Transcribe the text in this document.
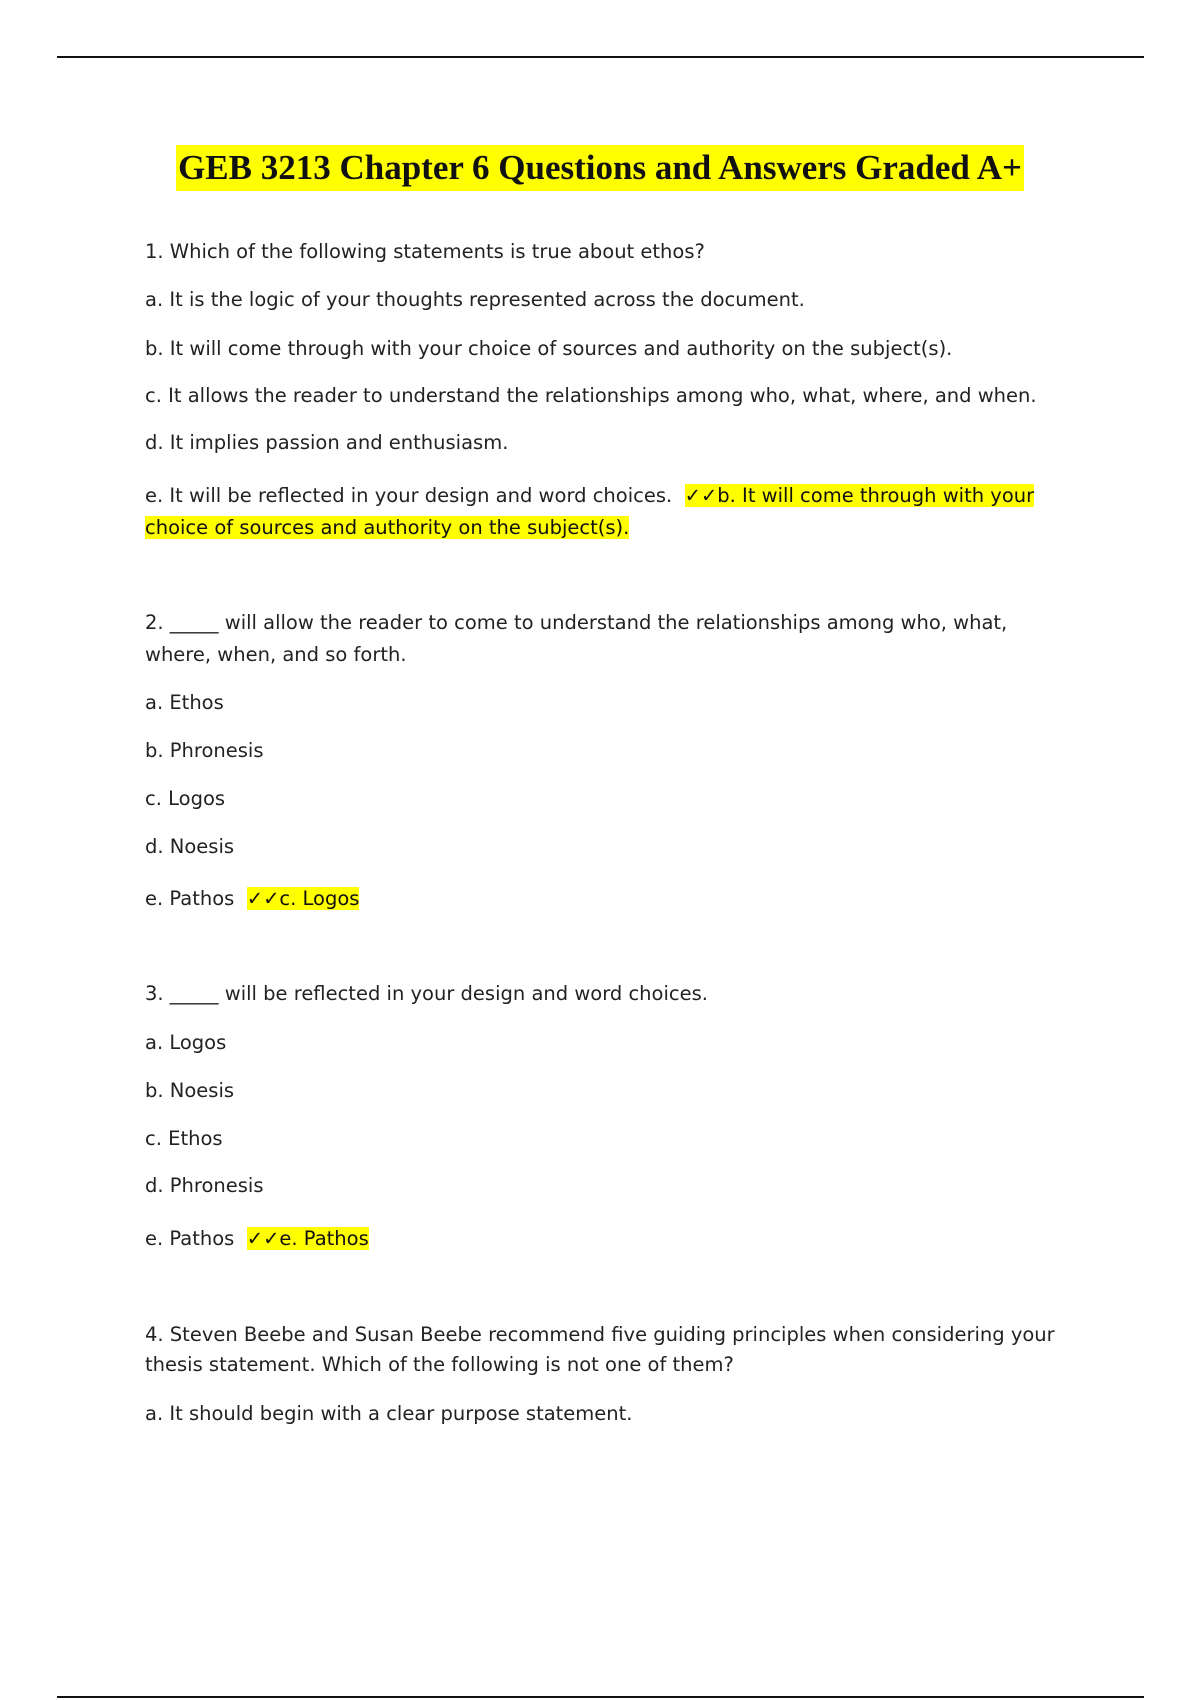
GEB 3213 Chapter 6 Questions and Answers Graded A+
1. Which of the following statements is true about ethos?
a. It is the logic of your thoughts represented across the document.
b. It will come through with your choice of sources and authority on the subject(s).
c. It allows the reader to understand the relationships among who, what, where, and when.
d. It implies passion and enthusiasm.
e. It will be reflected in your design and word choices. ✓✓b. It will come through with your
choice of sources and authority on the subject(s).
2. _____ will allow the reader to come to understand the relationships among who, what,
where, when, and so forth.
a. Ethos
b. Phronesis
c. Logos
d. Noesis
e. Pathos ✓✓c. Logos
3. _____ will be reflected in your design and word choices.
a. Logos
b. Noesis
c. Ethos
d. Phronesis
e. Pathos ✓✓e. Pathos
4. Steven Beebe and Susan Beebe recommend five guiding principles when considering your
thesis statement. Which of the following is not one of them?
a. It should begin with a clear purpose statement.
